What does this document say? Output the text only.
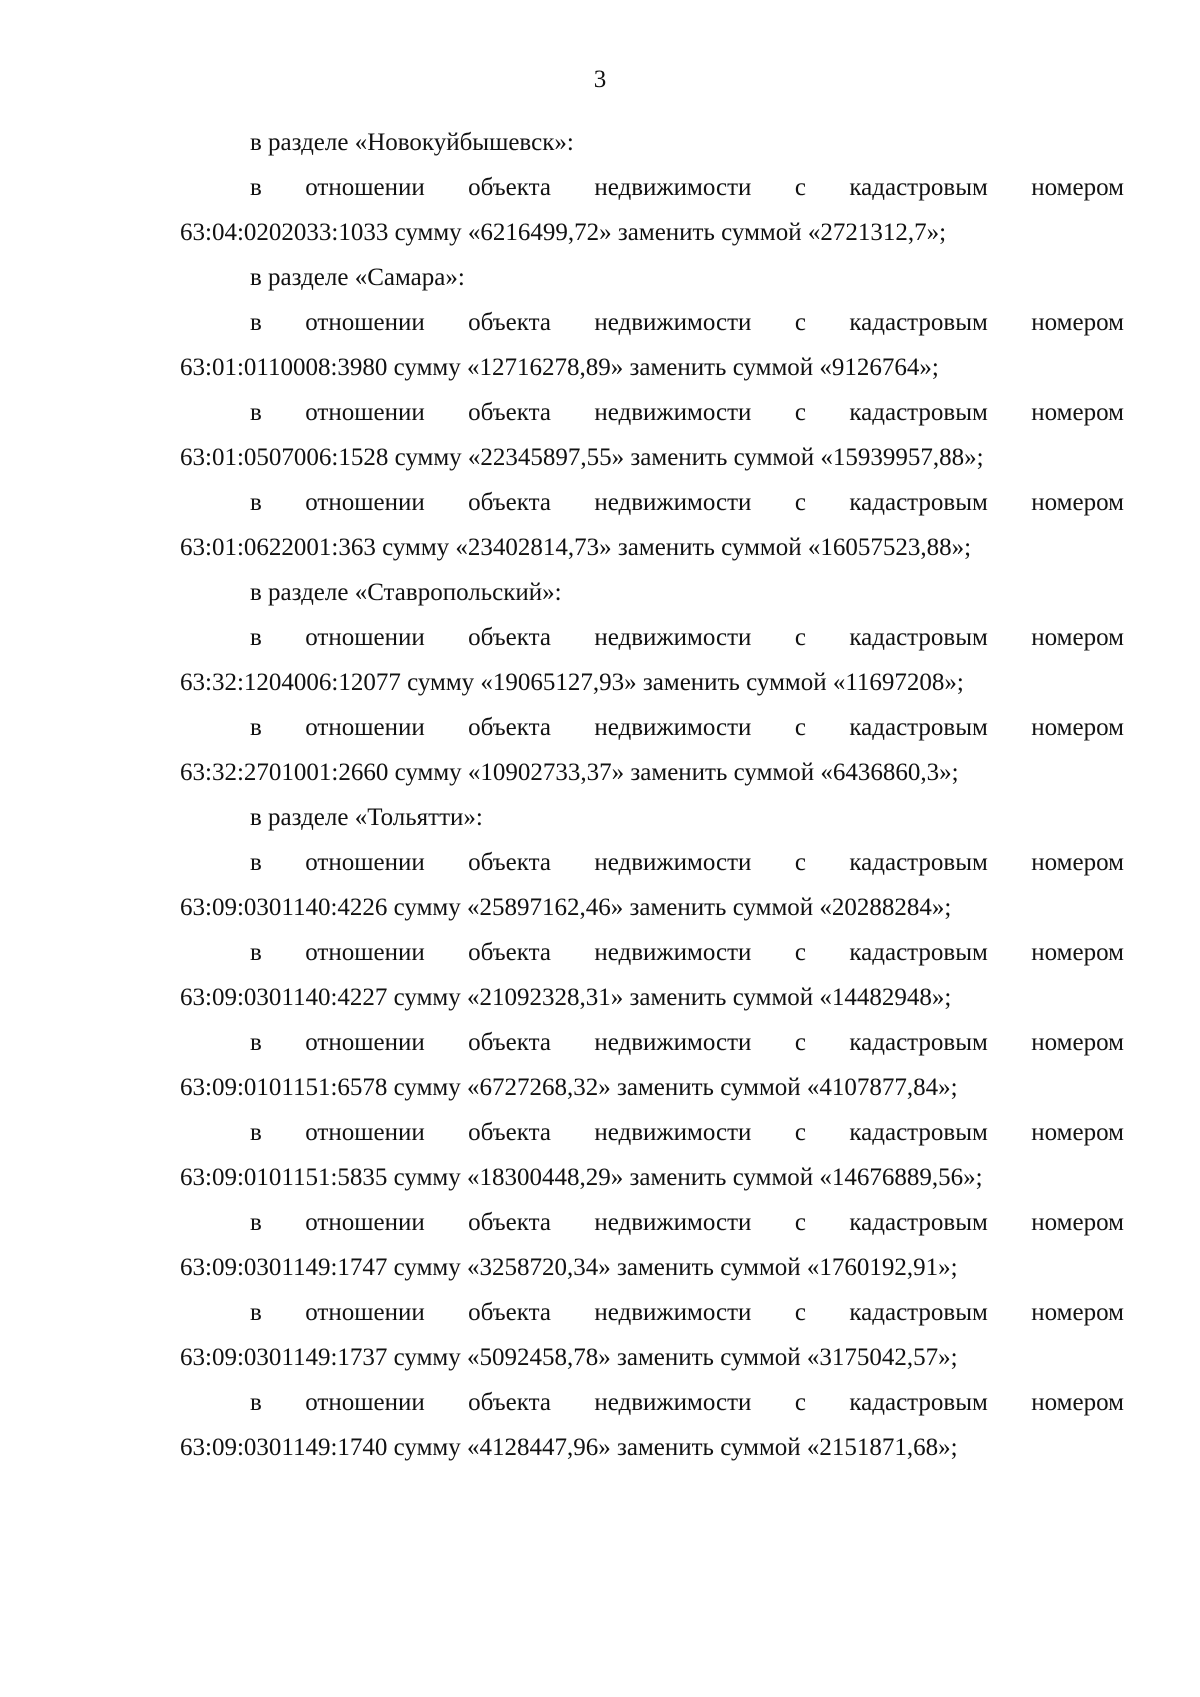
3

в разделе «Новокуйбышевск»:

в отношении объекта недвижимости с кадастровым номером
63:04:0202033:1033 сумму «6216499,72» заменить суммой «2721312,7»;

в разделе «Самара»:

в отношении объекта недвижимости с кадастровым номером
63:01:0110008:3980 сумму «12716278,89» заменить суммой «9126764»;
в отношении объекта недвижимости с кадастровым номером
63:01:0507006:1528 сумму «22345897,55» заменить суммой «15939957,88»;
в отношении объекта недвижимости с кадастровым номером
63:01:0622001:363 сумму «23402814,73» заменить суммой «16057523,88»;

в разделе «Ставропольский»:

в отношении объекта недвижимости с кадастровым номером
63:32:1204006:12077 сумму «19065127,93» заменить суммой «11697208»;
в отношении объекта недвижимости с кадастровым номером
63:32:2701001:2660 сумму «10902733,37» заменить суммой «6436860,3»;

в разделе «Тольятти»:

в отношении объекта недвижимости с кадастровым номером
63:09:0301140:4226 сумму «25897162,46» заменить суммой «20288284»;
в отношении объекта недвижимости с кадастровым номером
63:09:0301140:4227 сумму «21092328,31» заменить суммой «14482948»;
в отношении объекта недвижимости с кадастровым номером
63:09:0101151:6578 сумму «6727268,32» заменить суммой «4107877,84»;
в отношении объекта недвижимости с кадастровым номером
63:09:0101151:5835 сумму «18300448,29» заменить суммой «14676889,56»;
в отношении объекта недвижимости с кадастровым номером
63:09:0301149:1747 сумму «3258720,34» заменить суммой «1760192,91»;
в отношении объекта недвижимости с кадастровым номером
63:09:0301149:1737 сумму «5092458,78» заменить суммой «3175042,57»;
в отношении объекта недвижимости с кадастровым номером
63:09:0301149:1740 сумму «4128447,96» заменить суммой «2151871,68»;
